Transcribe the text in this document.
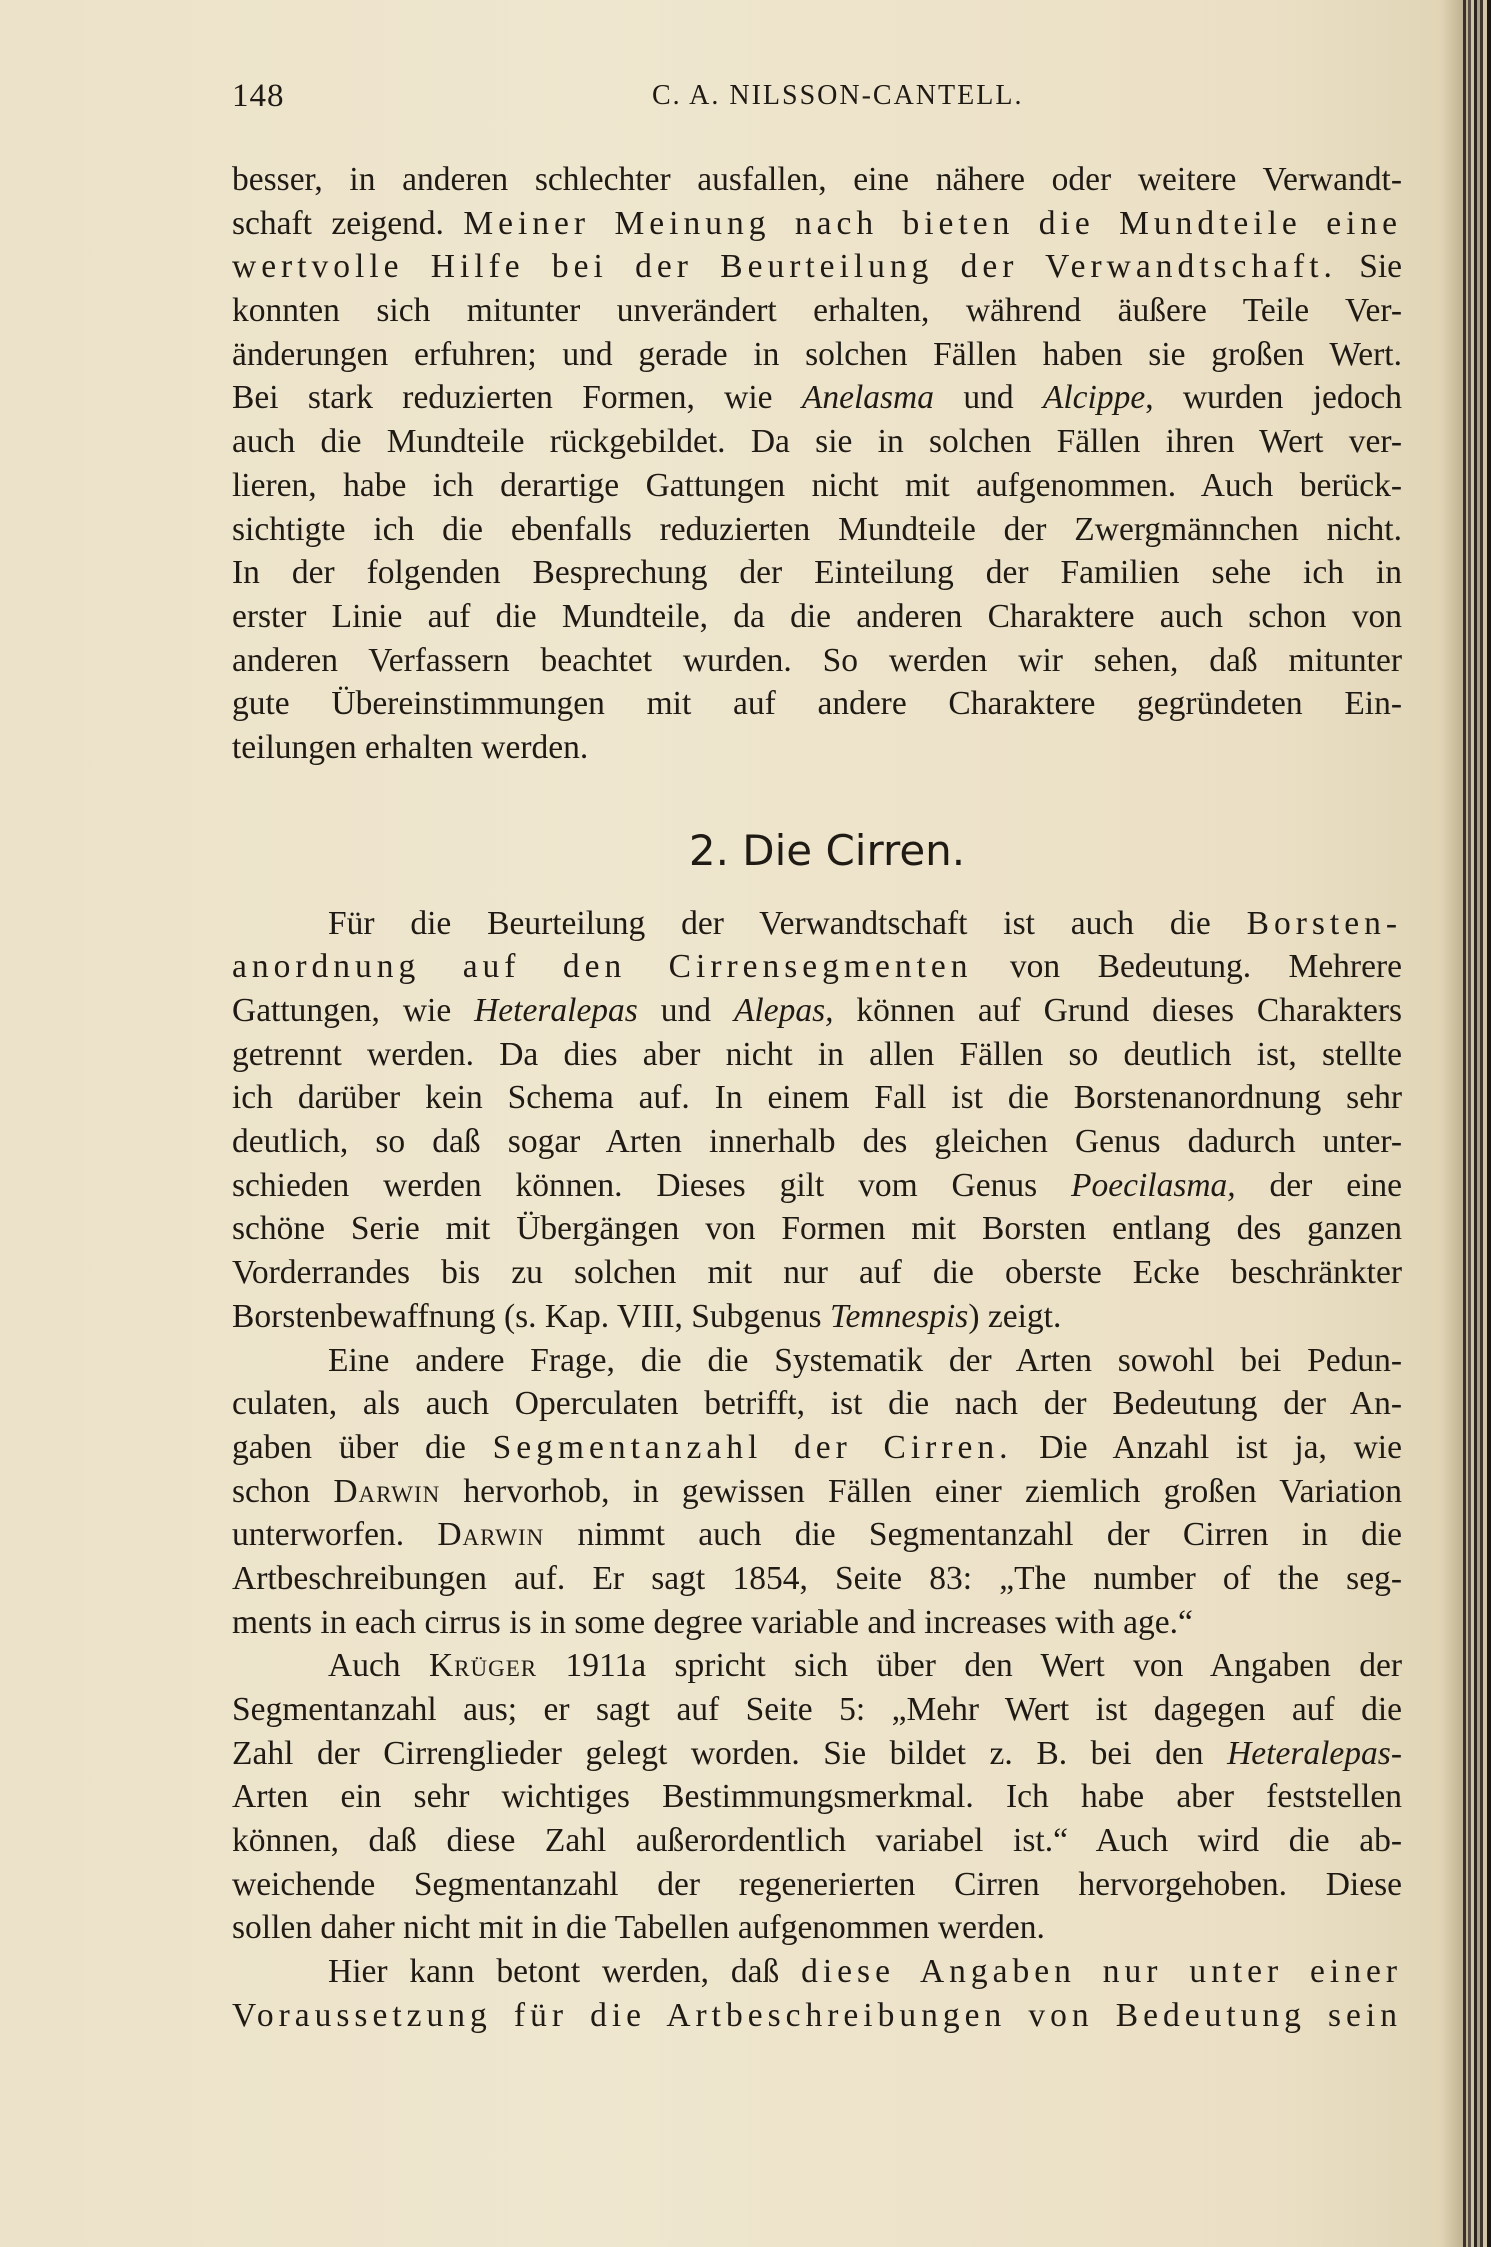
148	C. A. NILSSON-CANTELL.
besser, in anderen schlechter ausfallen, eine nähere oder weitere Verwandt-
schaft zeigend. Meiner Meinung nach bieten die Mundteile eine
wertvolle Hilfe bei der Beurteilung der Verwandtschaft. Sie
konnten sich mitunter unverändert erhalten, während äußere Teile Ver-
änderungen erfuhren; und gerade in solchen Fällen haben sie großen Wert.
Bei stark reduzierten Formen, wie Anelasma und Alcippe, wurden jedoch
auch die Mundteile rückgebildet. Da sie in solchen Fällen ihren Wert ver-
lieren, habe ich derartige Gattungen nicht mit aufgenommen. Auch berück-
sichtigte ich die ebenfalls reduzierten Mundteile der Zwergmännchen nicht.
In der folgenden Besprechung der Einteilung der Familien sehe ich in
erster Linie auf die Mundteile, da die anderen Charaktere auch schon von
anderen Verfassern beachtet wurden. So werden wir sehen, daß mitunter
gute Übereinstimmungen mit auf andere Charaktere gegründeten Ein-
teilungen erhalten werden.
2. Die Cirren.
Für die Beurteilung der Verwandtschaft ist auch die Borsten-
anordnung auf den Cirrensegmenten von Bedeutung. Mehrere
Gattungen, wie Heteralepas und Alepas, können auf Grund dieses Charakters
getrennt werden. Da dies aber nicht in allen Fällen so deutlich ist, stellte
ich darüber kein Schema auf. In einem Fall ist die Borstenanordnung sehr
deutlich, so daß sogar Arten innerhalb des gleichen Genus dadurch unter-
schieden werden können. Dieses gilt vom Genus Poecilasma, der eine
schöne Serie mit Übergängen von Formen mit Borsten entlang des ganzen
Vorderrandes bis zu solchen mit nur auf die oberste Ecke beschränkter
Borstenbewaffnung (s. Kap. VIII, Subgenus Temnespis) zeigt.
Eine andere Frage, die die Systematik der Arten sowohl bei Pedun-
culaten, als auch Operculaten betrifft, ist die nach der Bedeutung der An-
gaben über die Segmentanzahl der Cirren. Die Anzahl ist ja, wie
schon Darwin hervorhob, in gewissen Fällen einer ziemlich großen Variation
unterworfen. Darwin nimmt auch die Segmentanzahl der Cirren in die
Artbeschreibungen auf. Er sagt 1854, Seite 83: „The number of the seg-
ments in each cirrus is in some degree variable and increases with age.“
Auch Krüger 1911a spricht sich über den Wert von Angaben der
Segmentanzahl aus; er sagt auf Seite 5: „Mehr Wert ist dagegen auf die
Zahl der Cirrenglieder gelegt worden. Sie bildet z. B. bei den Heteralepas-
Arten ein sehr wichtiges Bestimmungsmerkmal. Ich habe aber feststellen
können, daß diese Zahl außerordentlich variabel ist.“ Auch wird die ab-
weichende Segmentanzahl der regenerierten Cirren hervorgehoben. Diese
sollen daher nicht mit in die Tabellen aufgenommen werden.
Hier kann betont werden, daß diese Angaben nur unter einer
Voraussetzung für die Artbeschreibungen von Bedeutung sein
